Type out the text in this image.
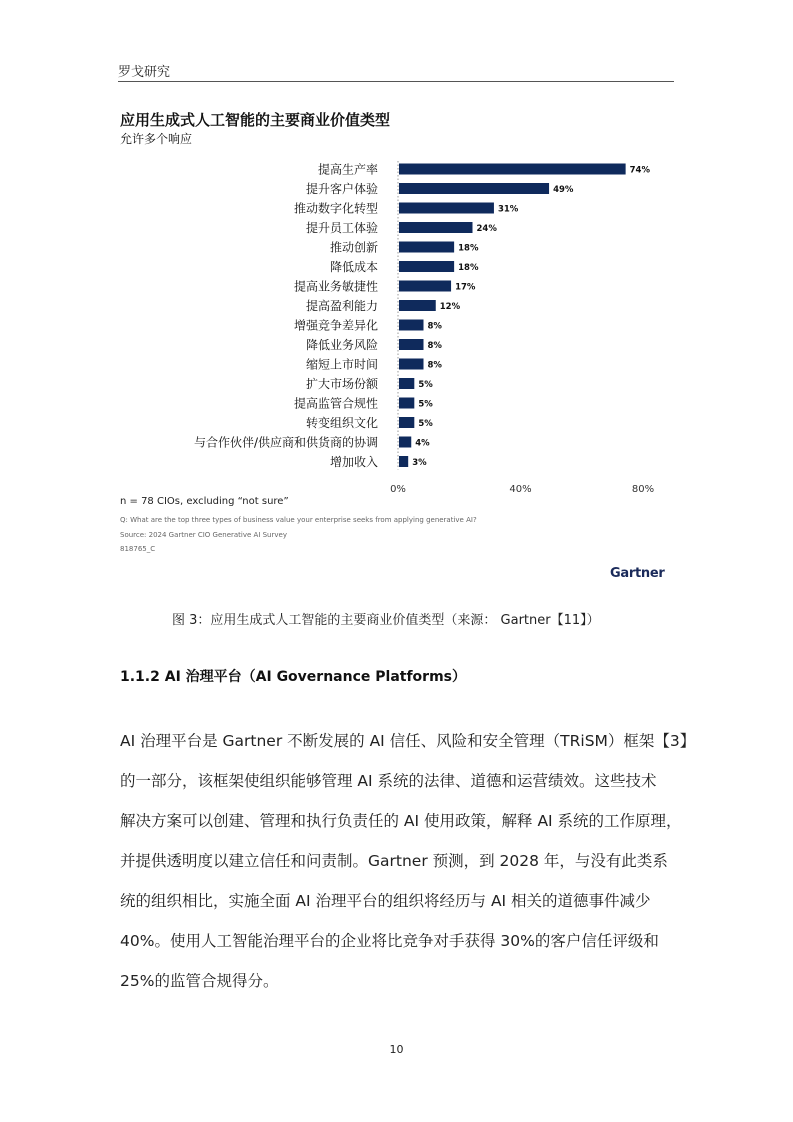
罗戈研究
应用生成式人工智能的主要商业价值类型
允许多个响应
提高生产率	74%
提升客户体验	49%
推动数字化转型	31%
提升员工体验	24%
推动创新	18%
降低成本	18%
提高业务敏捷性	17%
提高盈利能力	12%
增强竞争差异化	8%
降低业务风险	8%
缩短上市时间	8%
扩大市场份额	5%
提高监管合规性	5%
转变组织文化	5%
与合作伙伴/供应商和供货商的协调	4%
增加收入	3%
0%	40%	80%
n = 78 CIOs, excluding “not sure”
Q: What are the top three types of business value your enterprise seeks from applying generative AI?
Source: 2024 Gartner CIO Generative AI Survey
818765_C
Gartner
图 3：应用生成式人工智能的主要商业价值类型（来源： Gartner【11】）
1.1.2 AI 治理平台（AI Governance Platforms）
AI 治理平台是 Gartner 不断发展的 AI 信任、风险和安全管理（TRiSM）框架【3】
的一部分，该框架使组织能够管理 AI 系统的法律、道德和运营绩效。这些技术
解决方案可以创建、管理和执行负责任的 AI 使用政策，解释 AI 系统的工作原理，
并提供透明度以建立信任和问责制。Gartner 预测，到 2028 年，与没有此类系
统的组织相比，实施全面 AI 治理平台的组织将经历与 AI 相关的道德事件减少
40%。使用人工智能治理平台的企业将比竞争对手获得 30%的客户信任评级和
25%的监管合规得分。
10
